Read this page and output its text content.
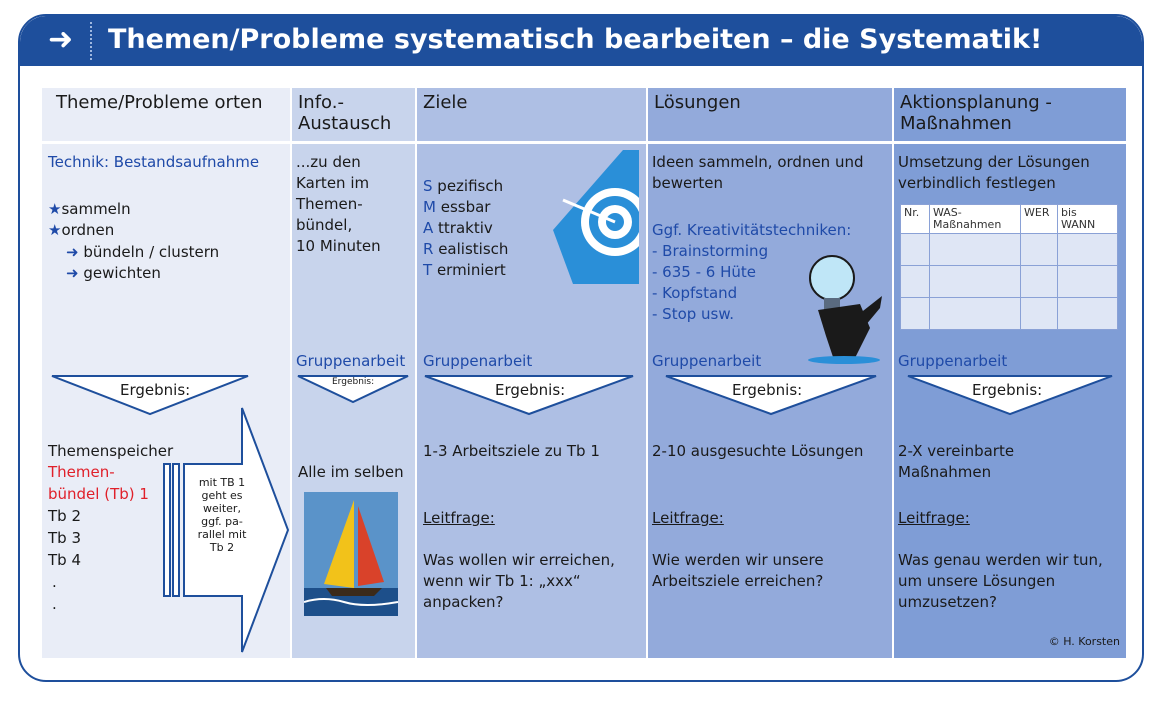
➜ Themen/Probleme systematisch bearbeiten – die Systematik!
Theme/Probleme orten
Technik: Bestandsaufnahme
★sammeln
★ordnen
➜ bündeln / clustern
➜ gewichten
Ergebnis:
Themenspeicher
Themen-
bündel (Tb) 1
Tb 2
Tb 3
Tb 4
.
.
mit TB 1
geht es
weiter,
ggf. pa-
rallel mit
Tb 2
Info.-
Austausch
...zu den
Karten im
Themen-
bündel,
10 Minuten
Gruppenarbeit
Ergebnis:
Alle im selben
Ziele
S pezifisch
M essbar
A ttraktiv
R ealistisch
T erminiert
Gruppenarbeit
Ergebnis:
1-3 Arbeitsziele zu Tb 1
Leitfrage:
Was wollen wir erreichen,
wenn wir Tb 1: „xxx“
anpacken?
Lösungen
Ideen sammeln, ordnen und
bewerten
Ggf. Kreativitätstechniken:
- Brainstorming
- 635 - 6 Hüte
- Kopfstand
- Stop usw.
Gruppenarbeit
Ergebnis:
2-10 ausgesuchte Lösungen
Leitfrage:
Wie werden wir unsere
Arbeitsziele erreichen?
Aktionsplanung -
Maßnahmen
Umsetzung der Lösungen
verbindlich festlegen
Nr.	WAS-
Maßnahmen	WER	bis
WANN

Gruppenarbeit
Ergebnis:
2-X vereinbarte
Maßnahmen
Leitfrage:
Was genau werden wir tun,
um unsere Lösungen
umzusetzen?
© H. Korsten
